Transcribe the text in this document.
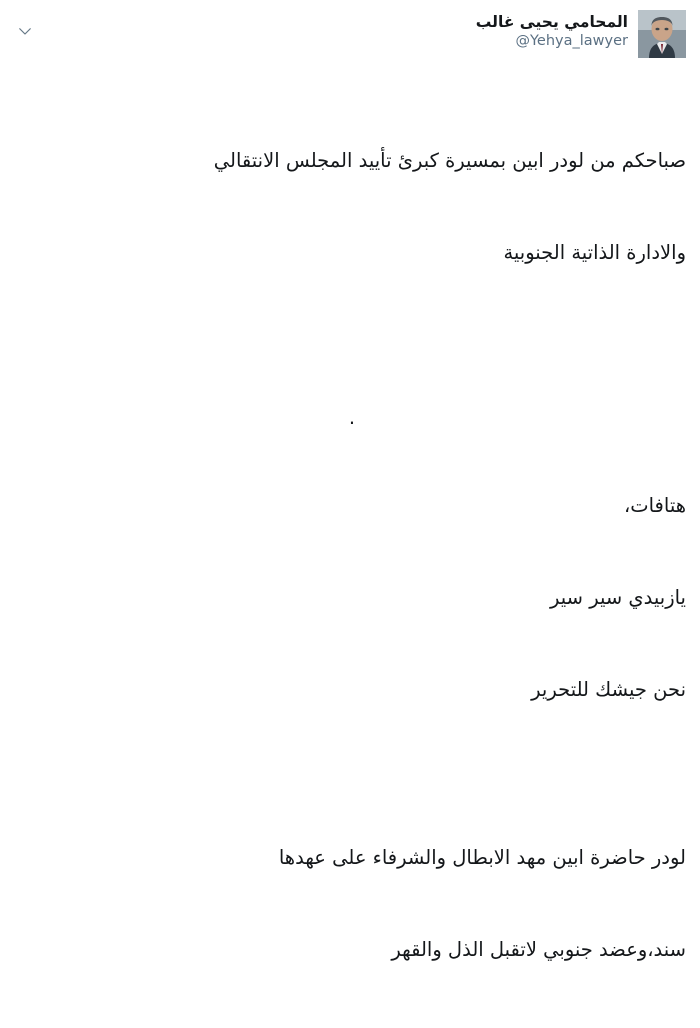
المحامي يحيى غالب
@Yehya_lawyer

صباحكم من لودر ابين بمسيرة كبرئ تأييد المجلس الانتقالي

والادارة الذاتية الجنوبية

.

هتافات،

يازبيدي سير سير

نحن جيشك للتحرير

لودر حاضرة ابين مهد الابطال والشرفاء على عهدها

سند،وعضد جنوبي لاتقبل الذل والقهر
